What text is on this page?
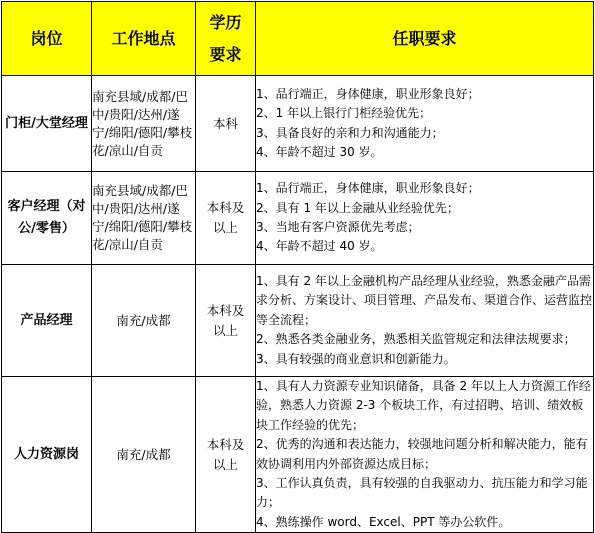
岗位	工作地点	学历要求	任职要求
门柜/大堂经理	南充县域/成都/巴中/贵阳/达州/遂宁/绵阳/德阳/攀枝花/凉山/自贡	本科	1、品行端正，身体健康，职业形象良好；
2、1 年以上银行门柜经验优先；
3、具备良好的亲和力和沟通能力；
4、年龄不超过 30 岁。

客户经理（对公/零售）	南充县域/成都/巴中/贵阳/达州/遂宁/绵阳/德阳/攀枝花/凉山/自贡	本科及以上	1、品行端正，身体健康，职业形象良好；
2、具有 1 年以上金融从业经验优先；
3、当地有客户资源优先考虑；
4、年龄不超过 40 岁。

产品经理	南充/成都	本科及以上	1、具有 2 年以上金融机构产品经理从业经验，熟悉金融产品需求分析、方案设计、项目管理、产品发布、渠道合作、运营监控等全流程；
2、熟悉各类金融业务，熟悉相关监管规定和法律法规要求；
3、具有较强的商业意识和创新能力。

人力资源岗	南充/成都	本科及以上	1、具有人力资源专业知识储备，具备 2 年以上人力资源工作经验，熟悉人力资源 2-3 个板块工作，有过招聘、培训、绩效板块工作经验的优先；
2、优秀的沟通和表达能力，较强地问题分析和解决能力，能有效协调利用内外部资源达成目标；
3、工作认真负责，具有较强的自我驱动力、抗压能力和学习能力；
4、熟练操作 word、Excel、PPT 等办公软件。
